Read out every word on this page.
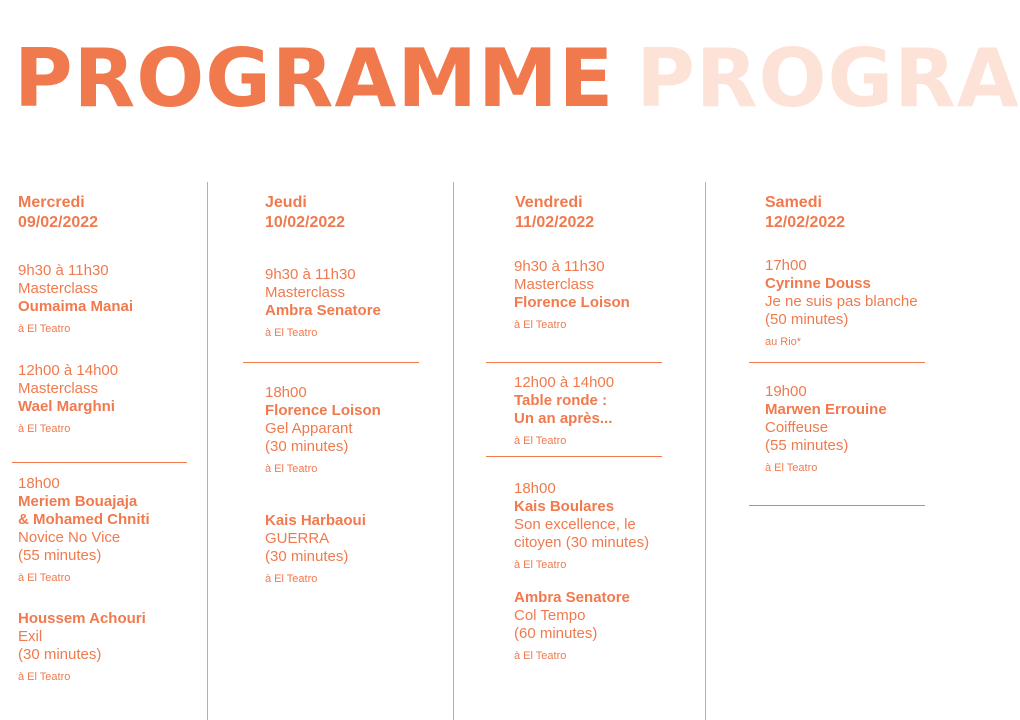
PROGRAMME PROGRA
Mercredi
09/02/2022
Jeudi
10/02/2022
Vendredi
11/02/2022
Samedi
12/02/2022
9h30 à 11h30
Masterclass
Oumaima Manai
à El Teatro
12h00 à 14h00
Masterclass
Wael Marghni
à El Teatro
18h00
Meriem Bouajaja
& Mohamed Chniti
Novice No Vice
(55 minutes)
à El Teatro
Houssem Achouri
Exil
(30 minutes)
à El Teatro
9h30 à 11h30
Masterclass
Ambra Senatore
à El Teatro
18h00
Florence Loison
Gel Apparant
(30 minutes)
à El Teatro
Kais Harbaoui
GUERRA
(30 minutes)
à El Teatro
9h30 à 11h30
Masterclass
Florence Loison
à El Teatro
12h00 à 14h00
Table ronde :
Un an après...
à El Teatro
18h00
Kais Boulares
Son excellence, le
citoyen (30 minutes)
à El Teatro
Ambra Senatore
Col Tempo
(60 minutes)
à El Teatro
17h00
Cyrinne Douss
Je ne suis pas blanche
(50 minutes)
au Rio*
19h00
Marwen Errouine
Coiffeuse
(55 minutes)
à El Teatro
